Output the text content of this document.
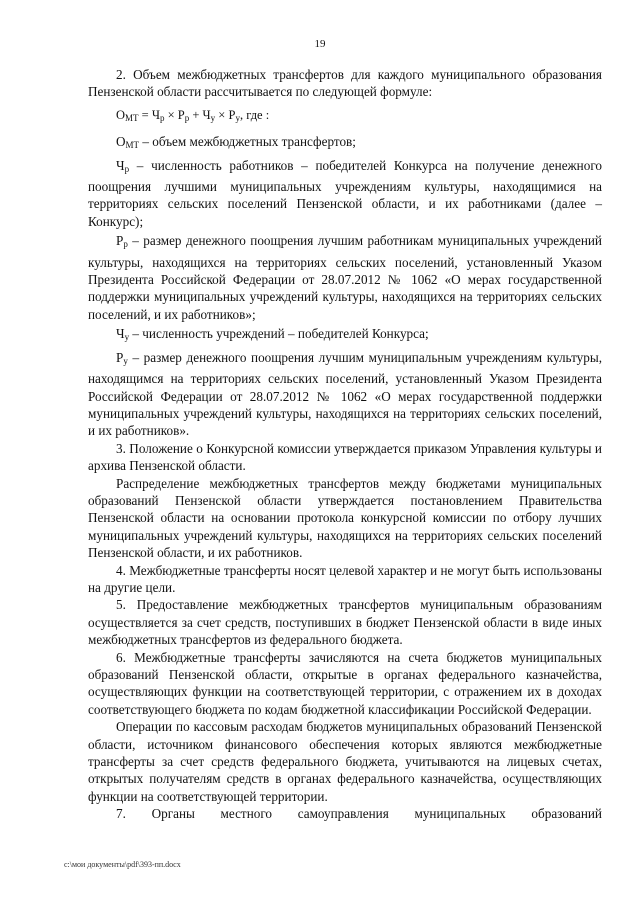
19

2. Объем межбюджетных трансфертов для каждого муниципального образования Пензенской области рассчитывается по следующей формуле:

$О_{МТ} = Ч_р \times Р_р + Ч_у \times Р_у$, где :

$О_{МТ}$ – объем межбюджетных трансфертов;

$Ч_р$ – численность работников – победителей Конкурса на получение денежного поощрения лучшими муниципальных учреждениям культуры, находящимися на территориях сельских поселений Пензенской области, и их работниками (далее – Конкурс);

$Р_р$ – размер денежного поощрения лучшим работникам муниципальных учреждений культуры, находящихся на территориях сельских поселений, установленный Указом Президента Российской Федерации от 28.07.2012 № 1062 «О мерах государственной поддержки муниципальных учреждений культуры, находящихся на территориях сельских поселений, и их работников»;

$Ч_у$ – численность учреждений – победителей Конкурса;

$Р_у$ – размер денежного поощрения лучшим муниципальным учреждениям культуры, находящимся на территориях сельских поселений, установленный Указом Президента Российской Федерации от 28.07.2012 № 1062 «О мерах государственной поддержки муниципальных учреждений культуры, находящихся на территориях сельских поселений, и их работников».

3. Положение о Конкурсной комиссии утверждается приказом Управления культуры и архива Пензенской области.

Распределение межбюджетных трансфертов между бюджетами муниципальных образований Пензенской области утверждается постановлением Правительства Пензенской области на основании протокола конкурсной комиссии по отбору лучших муниципальных учреждений культуры, находящихся на территориях сельских поселений Пензенской области, и их работников.

4. Межбюджетные трансферты носят целевой характер и не могут быть использованы на другие цели.

5. Предоставление межбюджетных трансфертов муниципальным образованиям осуществляется за счет средств, поступивших в бюджет Пензенской области в виде иных межбюджетных трансфертов из федерального бюджета.

6. Межбюджетные трансферты зачисляются на счета бюджетов муниципальных образований Пензенской области, открытые в органах федерального казначейства, осуществляющих функции на соответствующей территории, с отражением их в доходах соответствующего бюджета по кодам бюджетной классификации Российской Федерации.

Операции по кассовым расходам бюджетов муниципальных образований Пензенской области, источником финансового обеспечения которых являются межбюджетные трансферты за счет средств федерального бюджета, учитываются на лицевых счетах, открытых получателям средств в органах федерального казначейства, осуществляющих функции на соответствующей территории.

7. Органы местного самоуправления муниципальных образований

c:\мои документы\pdf\393-пп.docx
